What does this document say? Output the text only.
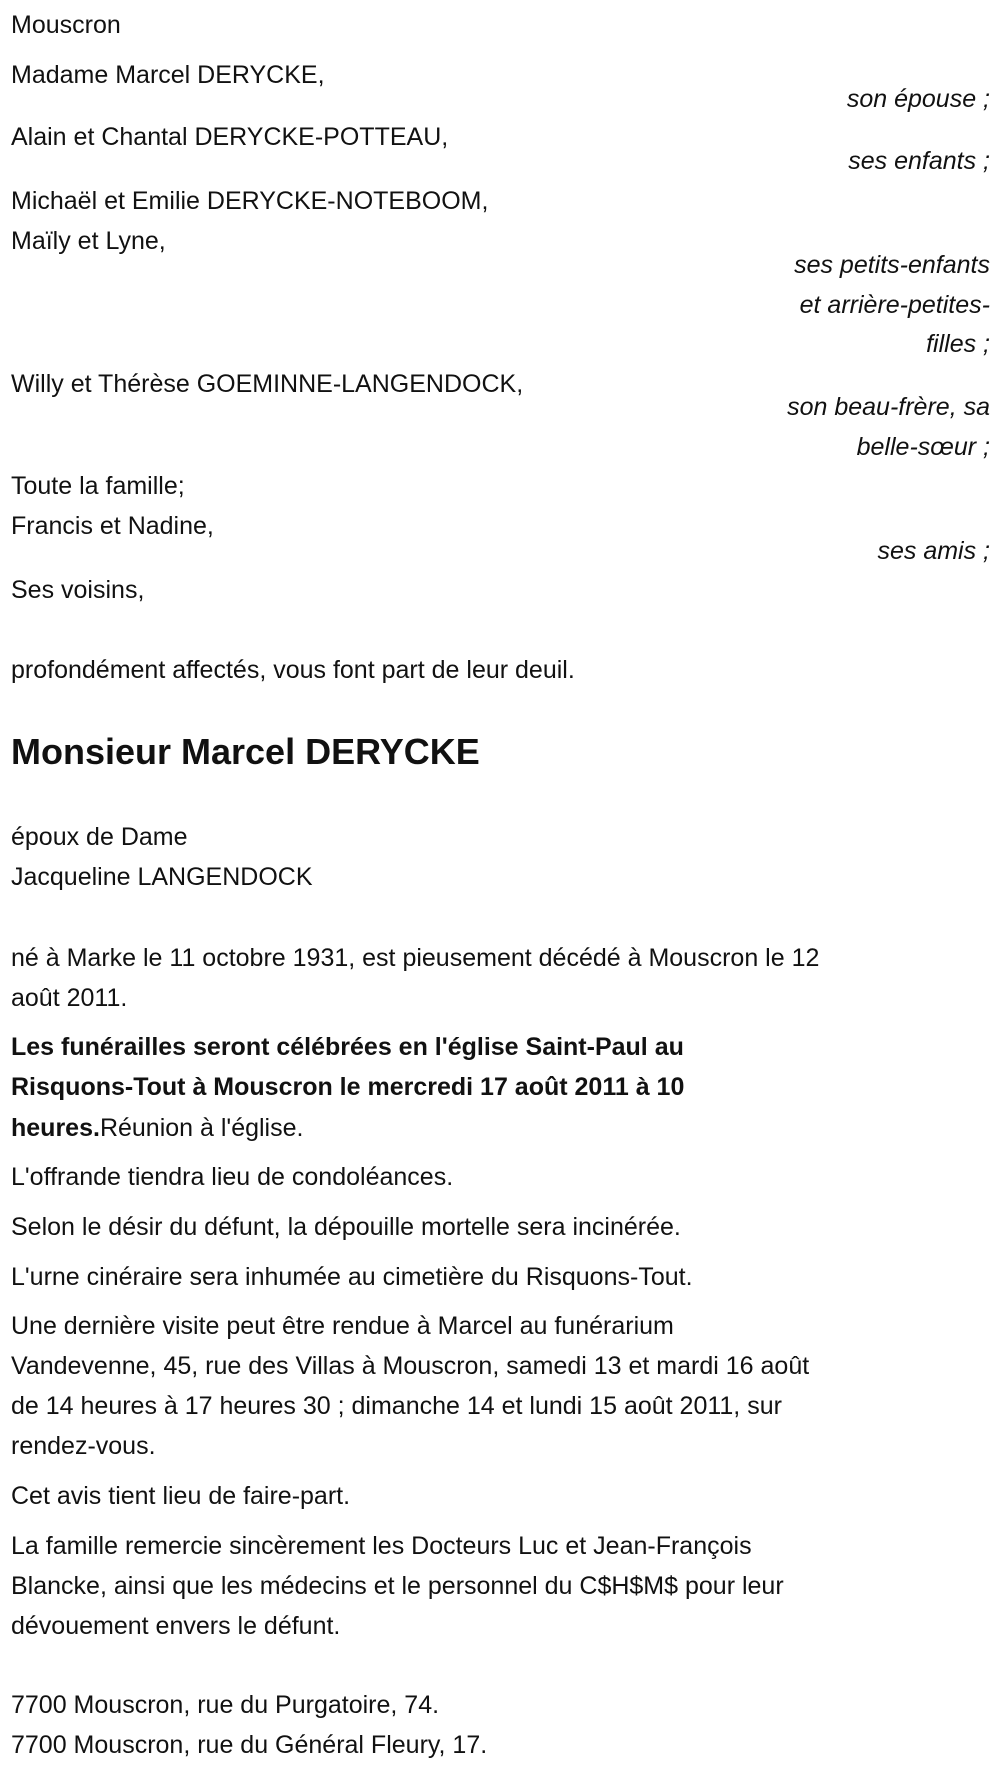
Mouscron
Madame Marcel DERYCKE,
son épouse ;
Alain et Chantal DERYCKE-POTTEAU,
ses enfants ;
Michaël et Emilie DERYCKE-NOTEBOOM,
Maïly et Lyne,
ses petits-enfants
et arrière-petites-
filles ;
Willy et Thérèse GOEMINNE-LANGENDOCK,
son beau-frère, sa
belle-sœur ;
Toute la famille;
Francis et Nadine,
ses amis ;
Ses voisins,
profondément affectés, vous font part de leur deuil.
Monsieur Marcel DERYCKE
époux de Dame
Jacqueline LANGENDOCK
né à Marke le 11 octobre 1931, est pieusement décédé à Mouscron le 12
août 2011.
Les funérailles seront célébrées en l'église Saint-Paul au
Risquons-Tout à Mouscron le mercredi 17 août 2011 à 10
heures.Réunion à l'église.
L'offrande tiendra lieu de condoléances.
Selon le désir du défunt, la dépouille mortelle sera incinérée.
L'urne cinéraire sera inhumée au cimetière du Risquons-Tout.
Une dernière visite peut être rendue à Marcel au funérarium
Vandevenne, 45, rue des Villas à Mouscron, samedi 13 et mardi 16 août
de 14 heures à 17 heures 30 ; dimanche 14 et lundi 15 août 2011, sur
rendez-vous.
Cet avis tient lieu de faire-part.
La famille remercie sincèrement les Docteurs Luc et Jean-François
Blancke, ainsi que les médecins et le personnel du C$H$M$ pour leur
dévouement envers le défunt.
7700 Mouscron, rue du Purgatoire, 74.
7700 Mouscron, rue du Général Fleury, 17.
